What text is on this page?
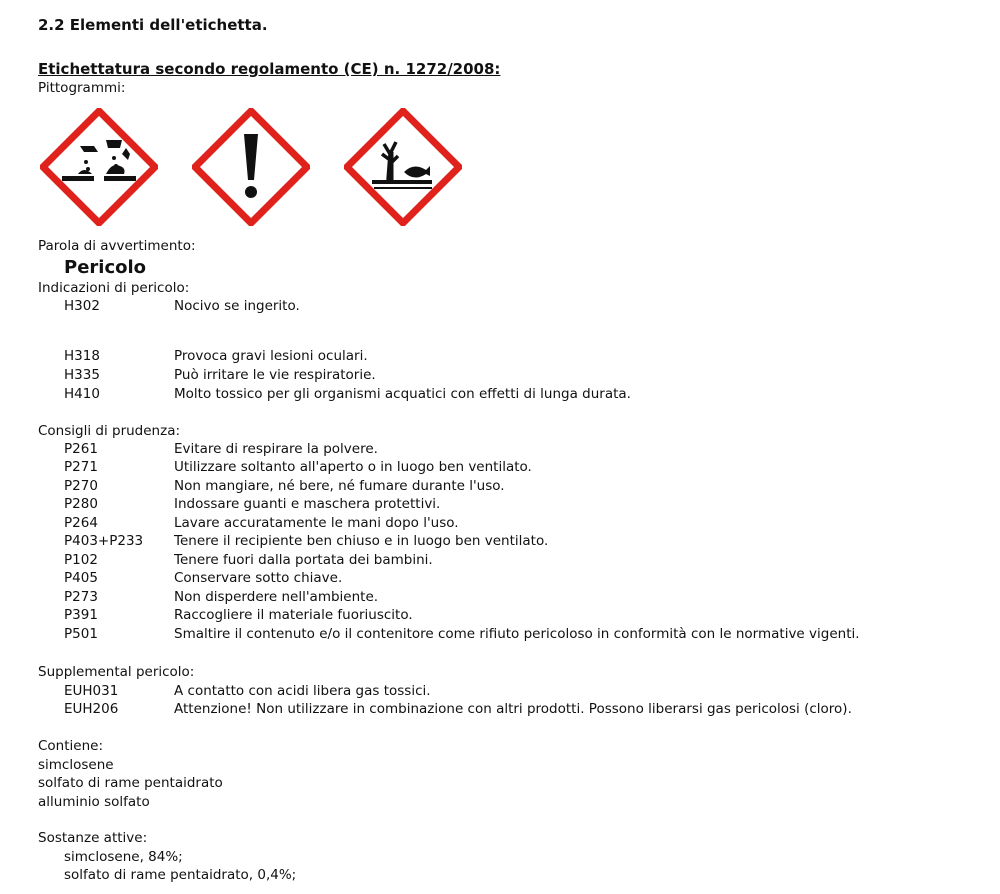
2.2 Elementi dell'etichetta.
Etichettatura secondo regolamento (CE) n. 1272/2008:
Pittogrammi:
Parola di avvertimento:
Pericolo
Indicazioni di pericolo:
H302	Nocivo se ingerito.
H318	Provoca gravi lesioni oculari.
H335	Può irritare le vie respiratorie.
H410	Molto tossico per gli organismi acquatici con effetti di lunga durata.
Consigli di prudenza:
P261	Evitare di respirare la polvere.
P271	Utilizzare soltanto all'aperto o in luogo ben ventilato.
P270	Non mangiare, né bere, né fumare durante l'uso.
P280	Indossare guanti e maschera protettivi.
P264	Lavare accuratamente le mani dopo l'uso.
P403+P233 Tenere il recipiente ben chiuso e in luogo ben ventilato.
P102	Tenere fuori dalla portata dei bambini.
P405	Conservare sotto chiave.
P273	Non disperdere nell'ambiente.
P391	Raccogliere il materiale fuoriuscito.
P501	Smaltire il contenuto e/o il contenitore come rifiuto pericoloso in conformità con le normative vigenti.
Supplemental pericolo:
EUH031	A contatto con acidi libera gas tossici.
EUH206	Attenzione! Non utilizzare in combinazione con altri prodotti. Possono liberarsi gas pericolosi (cloro).
Contiene:
simclosene
solfato di rame pentaidrato
alluminio solfato
Sostanze attive:
simclosene, 84%;
solfato di rame pentaidrato, 0,4%;
